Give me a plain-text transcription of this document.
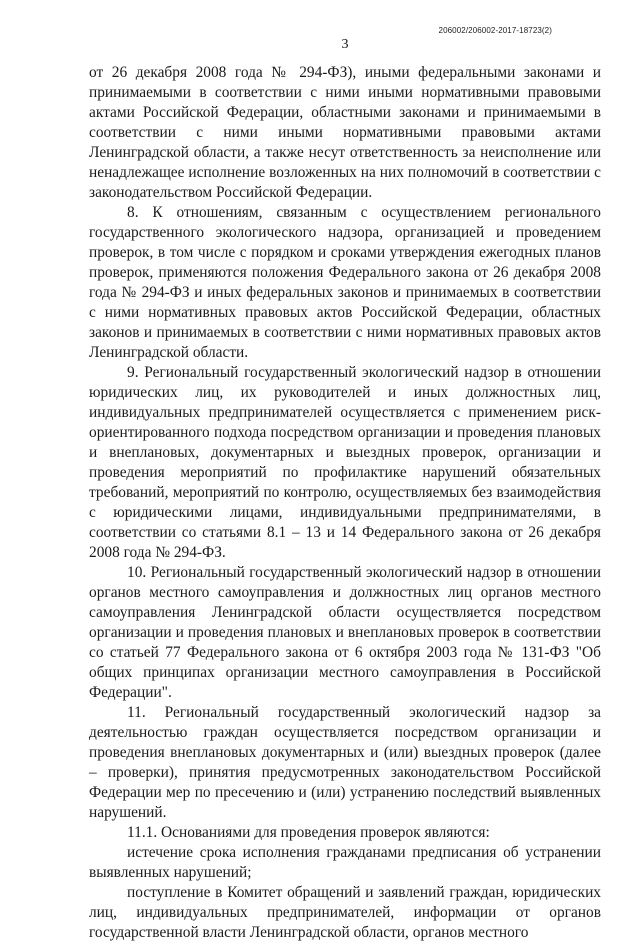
206002/206002-2017-18723(2)
3

от 26 декабря 2008 года № 294-ФЗ), иными федеральными законами и принимаемыми в соответствии с ними иными нормативными правовыми актами Российской Федерации, областными законами и принимаемыми в соответствии с ними иными нормативными правовыми актами Ленинградской области, а также несут ответственность за неисполнение или ненадлежащее исполнение возложенных на них полномочий в соответствии с законодательством Российской Федерации.

8. К отношениям, связанным с осуществлением регионального государственного экологического надзора, организацией и проведением проверок, в том числе с порядком и сроками утверждения ежегодных планов проверок, применяются положения Федерального закона от 26 декабря 2008 года № 294-ФЗ и иных федеральных законов и принимаемых в соответствии с ними нормативных правовых актов Российской Федерации, областных законов и принимаемых в соответствии с ними нормативных правовых актов Ленинградской области.

9. Региональный государственный экологический надзор в отношении юридических лиц, их руководителей и иных должностных лиц, индивидуальных предпринимателей осуществляется с применением риск-ориентированного подхода посредством организации и проведения плановых и внеплановых, документарных и выездных проверок, организации и проведения мероприятий по профилактике нарушений обязательных требований, мероприятий по контролю, осуществляемых без взаимодействия с юридическими лицами, индивидуальными предпринимателями, в соответствии со статьями 8.1 – 13 и 14 Федерального закона от 26 декабря 2008 года № 294-ФЗ.

10. Региональный государственный экологический надзор в отношении органов местного самоуправления и должностных лиц органов местного самоуправления Ленинградской области осуществляется посредством организации и проведения плановых и внеплановых проверок в соответствии со статьей 77 Федерального закона от 6 октября 2003 года № 131-ФЗ "Об общих принципах организации местного самоуправления в Российской Федерации".

11. Региональный государственный экологический надзор за деятельностью граждан осуществляется посредством организации и проведения внеплановых документарных и (или) выездных проверок (далее – проверки), принятия предусмотренных законодательством Российской Федерации мер по пресечению и (или) устранению последствий выявленных нарушений.

11.1. Основаниями для проведения проверок являются:

истечение срока исполнения гражданами предписания об устранении выявленных нарушений;

поступление в Комитет обращений и заявлений граждан, юридических лиц, индивидуальных предпринимателей, информации от органов государственной власти Ленинградской области, органов местного
